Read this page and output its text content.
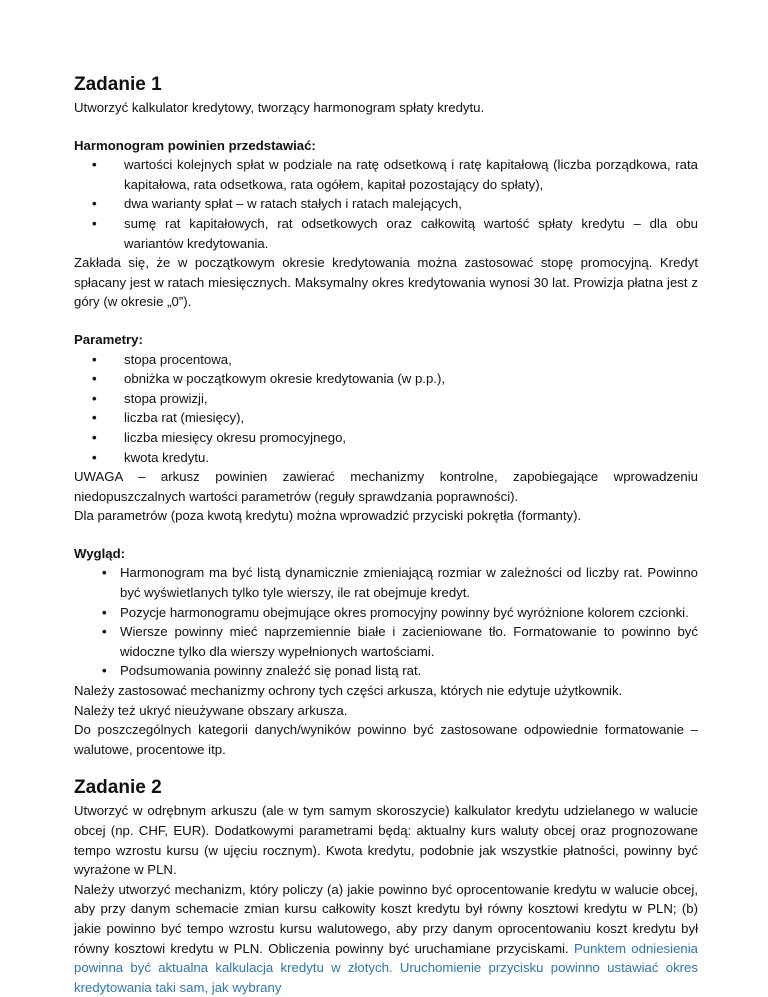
Zadanie 1

Utworzyć kalkulator kredytowy, tworzący harmonogram spłaty kredytu.

Harmonogram powinien przedstawiać:

• wartości kolejnych spłat w podziale na ratę odsetkową i ratę kapitałową (liczba porządkowa, rata kapitałowa, rata odsetkowa, rata ogółem, kapitał pozostający do spłaty),
• dwa warianty spłat – w ratach stałych i ratach malejących,
• sumę rat kapitałowych, rat odsetkowych oraz całkowitą wartość spłaty kredytu – dla obu wariantów kredytowania.

Zakłada się, że w początkowym okresie kredytowania można zastosować stopę promocyjną. Kredyt spłacany jest w ratach miesięcznych. Maksymalny okres kredytowania wynosi 30 lat. Prowizja płatna jest z góry (w okresie „0”).

Parametry:

• stopa procentowa,
• obniżka w początkowym okresie kredytowania (w p.p.),
• stopa prowizji,
• liczba rat (miesięcy),
• liczba miesięcy okresu promocyjnego,
• kwota kredytu.

UWAGA – arkusz powinien zawierać mechanizmy kontrolne, zapobiegające wprowadzeniu niedopuszczalnych wartości parametrów (reguły sprawdzania poprawności).

Dla parametrów (poza kwotą kredytu) można wprowadzić przyciski pokrętła (formanty).

Wygląd:

• Harmonogram ma być listą dynamicznie zmieniającą rozmiar w zależności od liczby rat. Powinno być wyświetlanych tylko tyle wierszy, ile rat obejmuje kredyt.
• Pozycje harmonogramu obejmujące okres promocyjny powinny być wyróżnione kolorem czcionki.
• Wiersze powinny mieć naprzemiennie białe i zacieniowane tło. Formatowanie to powinno być widoczne tylko dla wierszy wypełnionych wartościami.
• Podsumowania powinny znaleźć się ponad listą rat.

Należy zastosować mechanizmy ochrony tych części arkusza, których nie edytuje użytkownik.

Należy też ukryć nieużywane obszary arkusza.

Do poszczególnych kategorii danych/wyników powinno być zastosowane odpowiednie formatowanie – walutowe, procentowe itp.

Zadanie 2

Utworzyć w odrębnym arkuszu (ale w tym samym skoroszycie) kalkulator kredytu udzielanego w walucie obcej (np. CHF, EUR). Dodatkowymi parametrami będą: aktualny kurs waluty obcej oraz prognozowane tempo wzrostu kursu (w ujęciu rocznym). Kwota kredytu, podobnie jak wszystkie płatności, powinny być wyrażone w PLN.

Należy utworzyć mechanizm, który policzy (a) jakie powinno być oprocentowanie kredytu w walucie obcej, aby przy danym schemacie zmian kursu całkowity koszt kredytu był równy kosztowi kredytu w PLN; (b) jakie powinno być tempo wzrostu kursu walutowego, aby przy danym oprocentowaniu koszt kredytu był równy kosztowi kredytu w PLN. Obliczenia powinny być uruchamiane przyciskami. Punktem odniesienia powinna być aktualna kalkulacja kredytu w złotych. Uruchomienie przycisku powinno ustawiać okres kredytowania taki sam, jak wybrany
